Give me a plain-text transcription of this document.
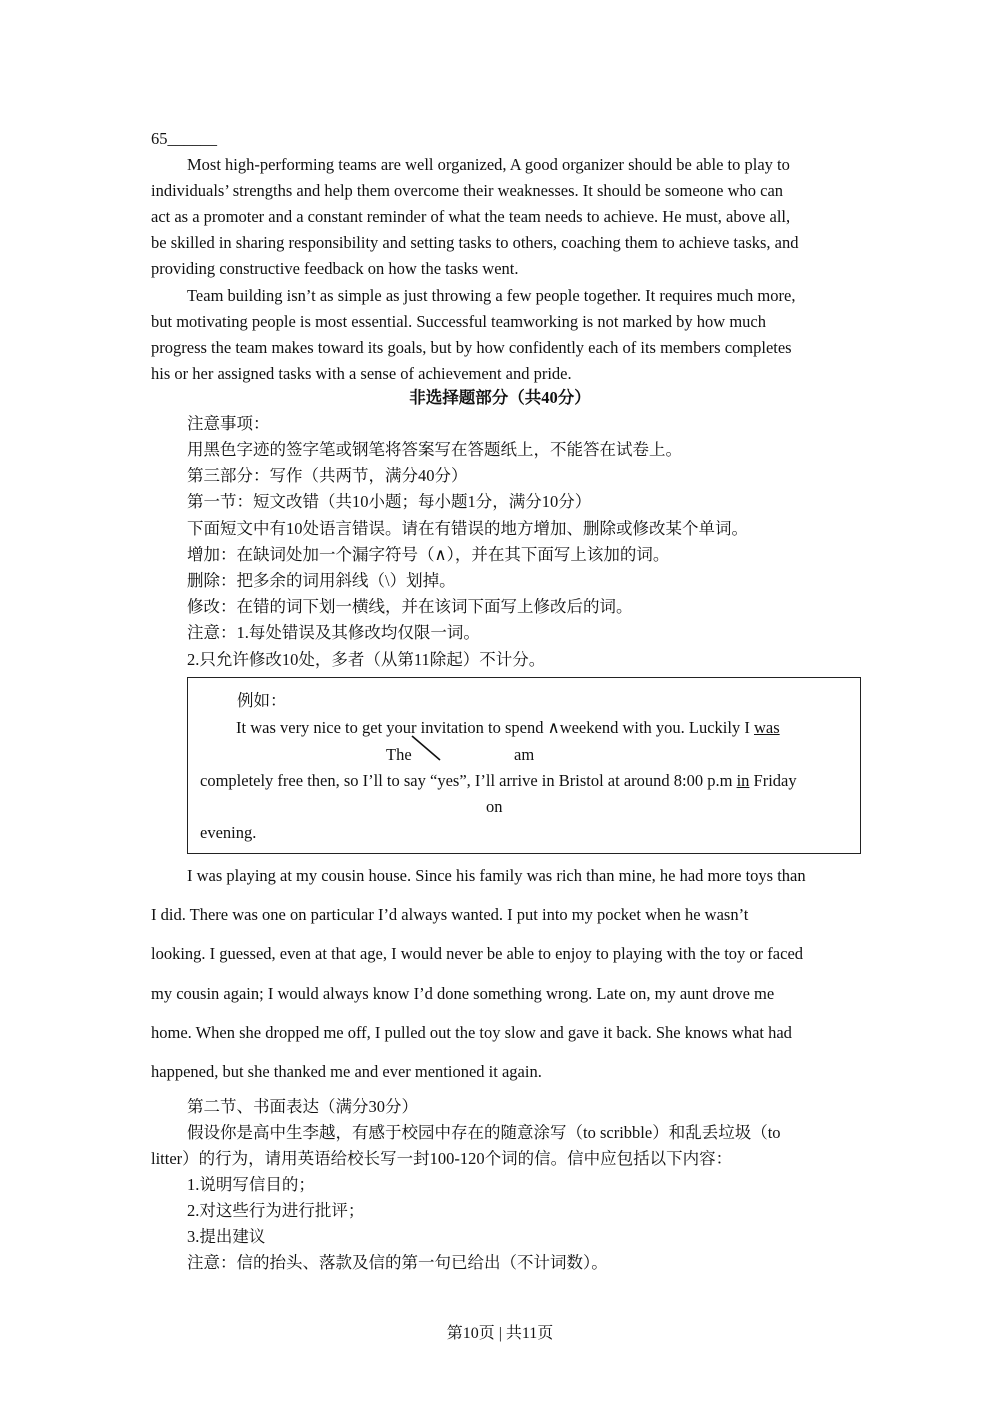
65______
Most high-performing teams are well organized, A good organizer should be able to play to
individuals’ strengths and help them overcome their weaknesses. It should be someone who can
act as a promoter and a constant reminder of what the team needs to achieve. He must, above all,
be skilled in sharing responsibility and setting tasks to others, coaching them to achieve tasks, and
providing constructive feedback on how the tasks went.
Team building isn’t as simple as just throwing a few people together. It requires much more,
but motivating people is most essential. Successful teamworking is not marked by how much
progress the team makes toward its goals, but by how confidently each of its members completes
his or her assigned tasks with a sense of achievement and pride.
非选择题部分（共40分）
注意事项：
用黑色字迹的签字笔或钢笔将答案写在答题纸上，不能答在试卷上。
第三部分：写作（共两节，满分40分）
第一节：短文改错（共10小题；每小题1分，满分10分）
下面短文中有10处语言错误。请在有错误的地方增加、删除或修改某个单词。
增加：在缺词处加一个漏字符号（∧），并在其下面写上该加的词。
删除：把多余的词用斜线（\）划掉。
修改：在错的词下划一横线，并在该词下面写上修改后的词。
注意：1.每处错误及其修改均仅限一词。
2.只允许修改10处，多者（从第11除起）不计分。
例如：
It was very nice to get your invitation to spend ∧weekend with you. Luckily I was
The	am
completely free then, so I’ll to say “yes”, I’ll arrive in Bristol at around 8:00 p.m in Friday
on
evening.
I was playing at my cousin house. Since his family was rich than mine, he had more toys than
I did. There was one on particular I’d always wanted. I put into my pocket when he wasn’t
looking. I guessed, even at that age, I would never be able to enjoy to playing with the toy or faced
my cousin again; I would always know I’d done something wrong. Late on, my aunt drove me
home. When she dropped me off, I pulled out the toy slow and gave it back. She knows what had
happened, but she thanked me and ever mentioned it again.
第二节、书面表达（满分30分）
假设你是高中生李越，有感于校园中存在的随意涂写（to scribble）和乱丢垃圾（to
litter）的行为，请用英语给校长写一封100-120个词的信。信中应包括以下内容：
1.说明写信目的；
2.对这些行为进行批评；
3.提出建议
注意：信的抬头、落款及信的第一句已给出（不计词数）。
第10页 | 共11页
